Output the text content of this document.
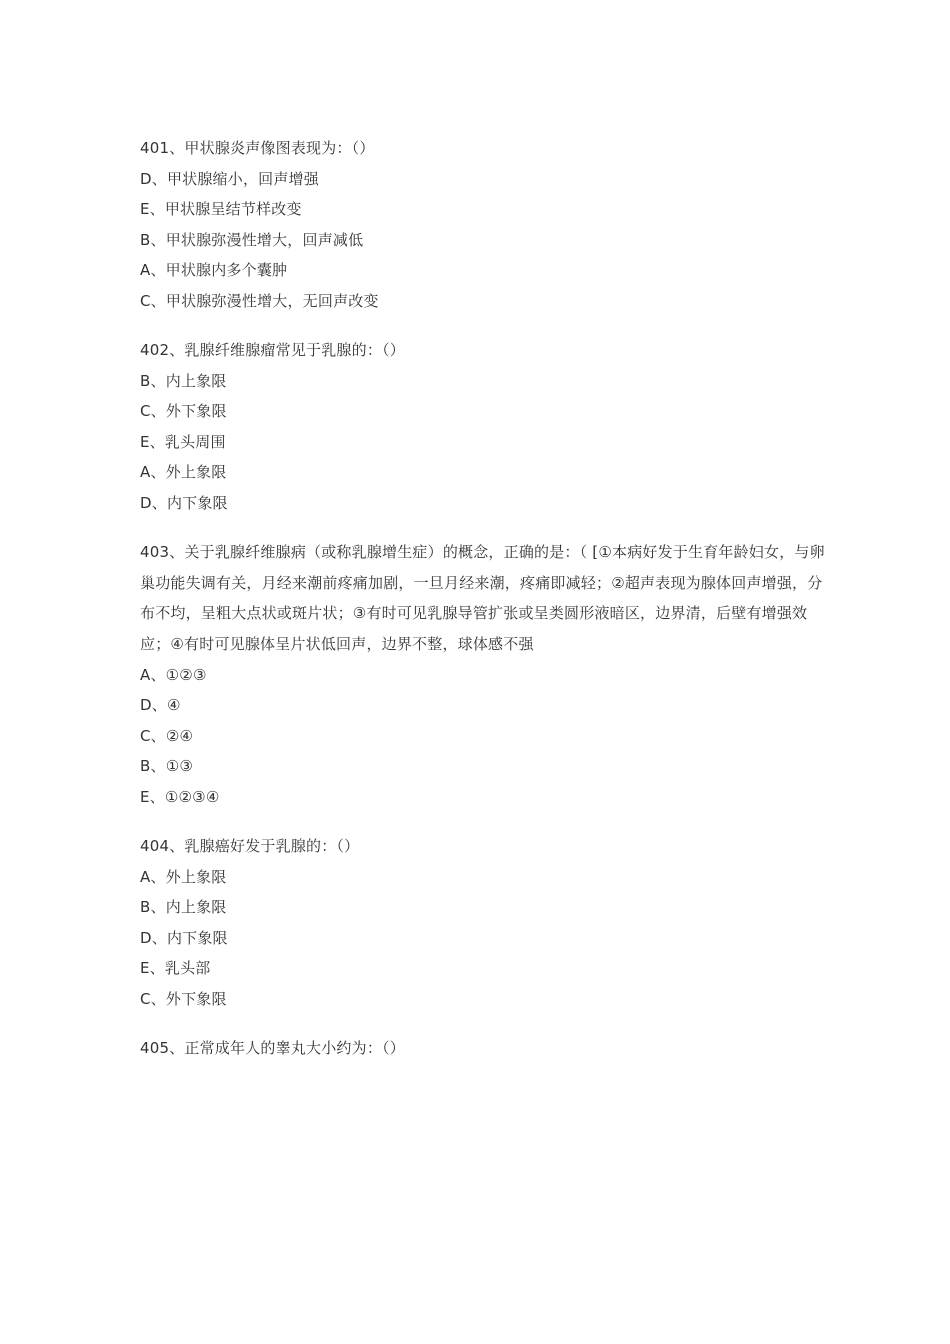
401、甲状腺炎声像图表现为：（）
D、甲状腺缩小，回声增强
E、甲状腺呈结节样改变
B、甲状腺弥漫性增大，回声减低
A、甲状腺内多个囊肿
C、甲状腺弥漫性增大，无回声改变
402、乳腺纤维腺瘤常见于乳腺的：（）
B、内上象限
C、外下象限
E、乳头周围
A、外上象限
D、内下象限
403、关于乳腺纤维腺病（或称乳腺增生症）的概念，正确的是：（ [①本病好发于生育年龄妇女，与卵巢功能失调有关，月经来潮前疼痛加剧，一旦月经来潮，疼痛即减轻；②超声表现为腺体回声增强，分布不均，呈粗大点状或斑片状；③有时可见乳腺导管扩张或呈类圆形液暗区，边界清，后壁有增强效应；④有时可见腺体呈片状低回声，边界不整，球体感不强
A、①②③
D、④
C、②④
B、①③
E、①②③④
404、乳腺癌好发于乳腺的：（）
A、外上象限
B、内上象限
D、内下象限
E、乳头部
C、外下象限
405、正常成年人的睾丸大小约为：（）
